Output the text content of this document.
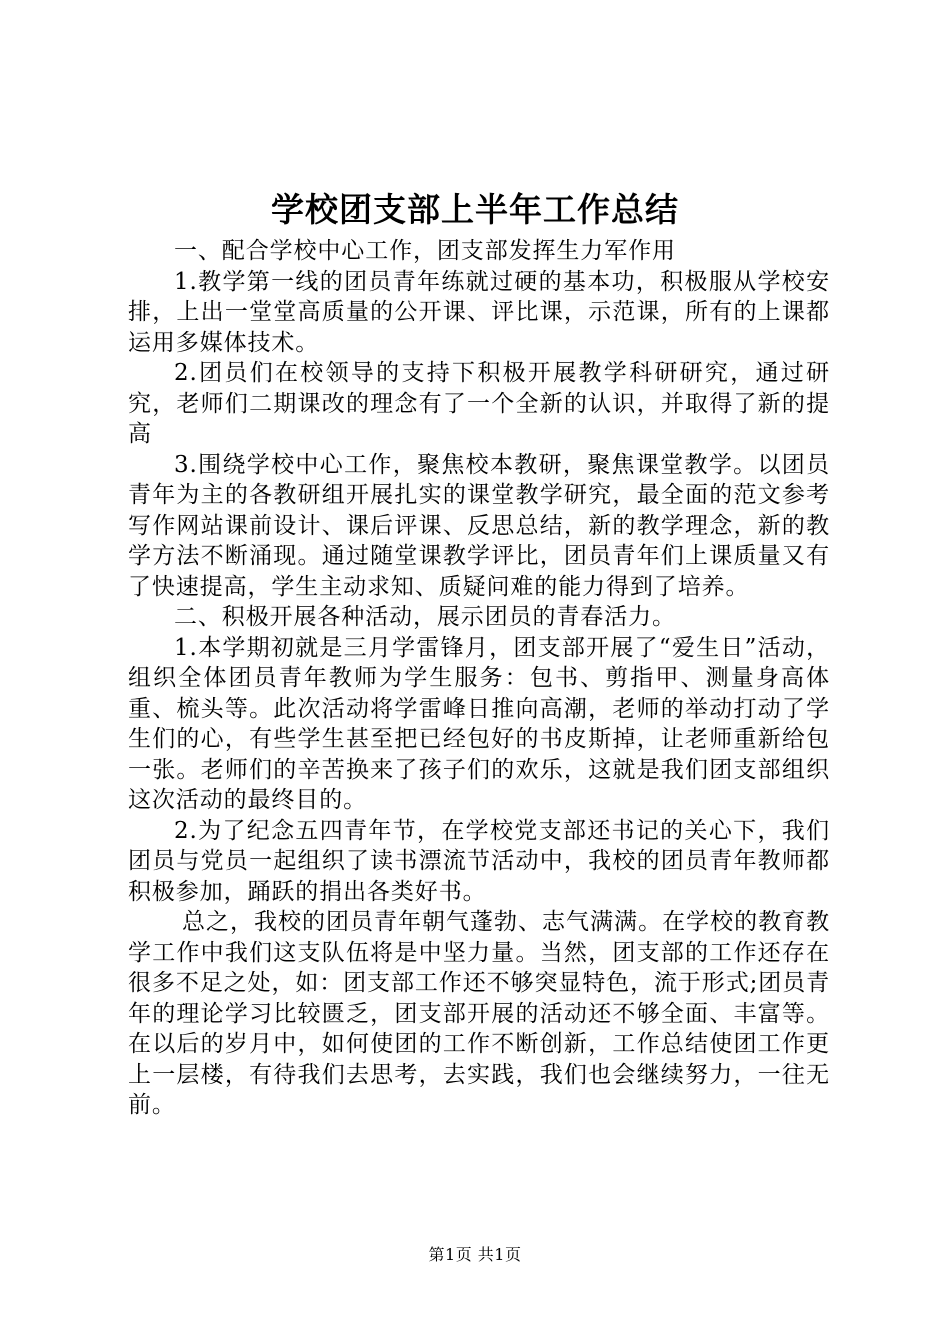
学校团支部上半年工作总结

一、配合学校中心工作，团支部发挥生力军作用

1.教学第一线的团员青年练就过硬的基本功，积极服从学校安排，上出一堂堂高质量的公开课、评比课，示范课，所有的上课都运用多媒体技术。

2.团员们在校领导的支持下积极开展教学科研研究，通过研究，老师们二期课改的理念有了一个全新的认识，并取得了新的提高

3.围绕学校中心工作，聚焦校本教研，聚焦课堂教学。以团员青年为主的各教研组开展扎实的课堂教学研究，最全面的范文参考写作网站课前设计、课后评课、反思总结，新的教学理念，新的教学方法不断涌现。通过随堂课教学评比，团员青年们上课质量又有了快速提高，学生主动求知、质疑问难的能力得到了培养。

二、积极开展各种活动，展示团员的青春活力。

1.本学期初就是三月学雷锋月，团支部开展了“爱生日”活动，组织全体团员青年教师为学生服务：包书、剪指甲、测量身高体重、梳头等。此次活动将学雷峰日推向高潮，老师的举动打动了学生们的心，有些学生甚至把已经包好的书皮斯掉，让老师重新给包一张。老师们的辛苦换来了孩子们的欢乐，这就是我们团支部组织这次活动的最终目的。

2.为了纪念五四青年节，在学校党支部还书记的关心下，我们团员与党员一起组织了读书漂流节活动中，我校的团员青年教师都积极参加，踊跃的捐出各类好书。

总之，我校的团员青年朝气蓬勃、志气满满。在学校的教育教学工作中我们这支队伍将是中坚力量。当然，团支部的工作还存在很多不足之处，如：团支部工作还不够突显特色，流于形式;团员青年的理论学习比较匮乏，团支部开展的活动还不够全面、丰富等。在以后的岁月中，如何使团的工作不断创新，工作总结使团工作更上一层楼，有待我们去思考，去实践，我们也会继续努力，一往无前。

第1页 共1页
